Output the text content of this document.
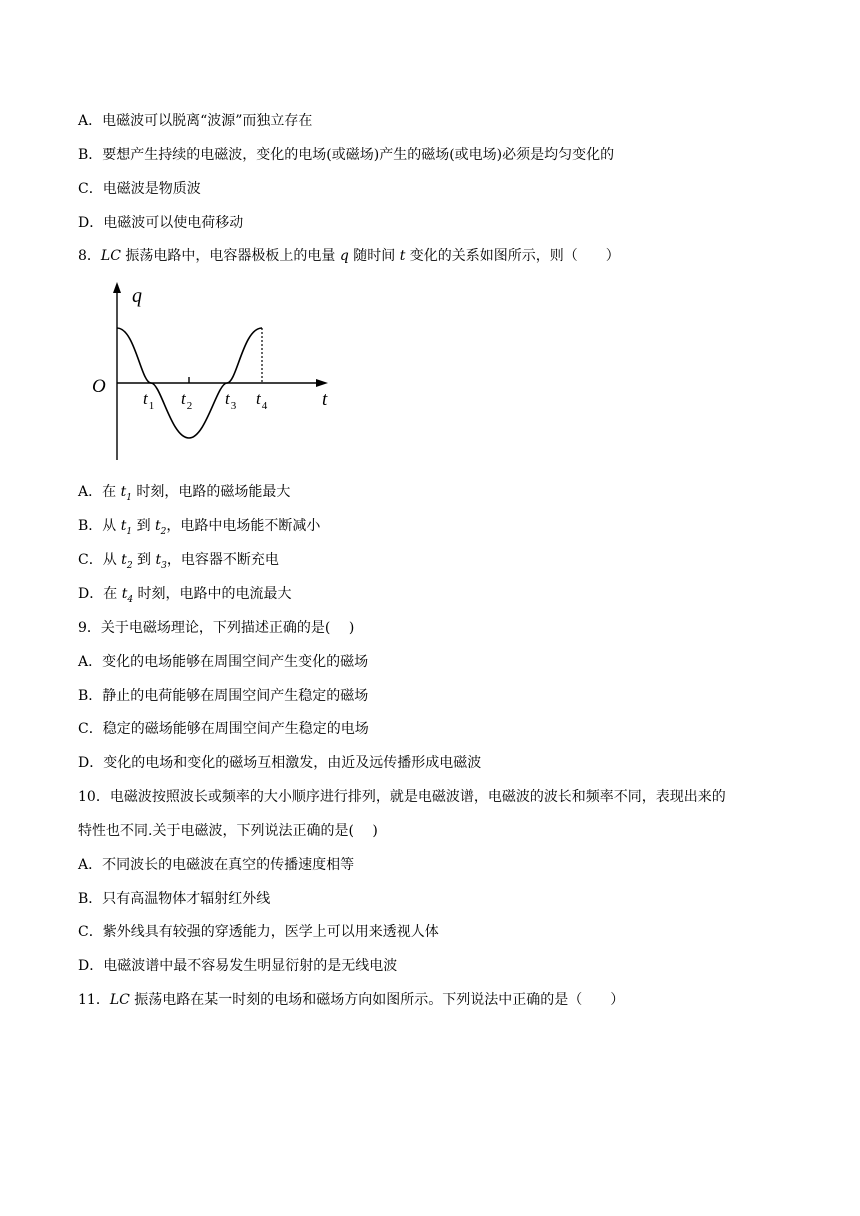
A．电磁波可以脱离“波源”而独立存在
B．要想产生持续的电磁波，变化的电场(或磁场)产生的磁场(或电场)必须是均匀变化的
C．电磁波是物质波
D．电磁波可以使电荷移动
8．LC 振荡电路中，电容器极板上的电量 q 随时间 t 变化的关系如图所示，则（　　）
q
t
O
$t_1$ $t_2$ $t_3$ $t_4$
A．在 $t_1$ 时刻，电路的磁场能最大
B．从 $t_1$ 到 $t_2$，电路中电场能不断减小
C．从 $t_2$ 到 $t_3$，电容器不断充电
D．在 $t_4$ 时刻，电路中的电流最大
9．关于电磁场理论，下列描述正确的是(　 )
A．变化的电场能够在周围空间产生变化的磁场
B．静止的电荷能够在周围空间产生稳定的磁场
C．稳定的磁场能够在周围空间产生稳定的电场
D．变化的电场和变化的磁场互相激发，由近及远传播形成电磁波
10．电磁波按照波长或频率的大小顺序进行排列，就是电磁波谱，电磁波的波长和频率不同，表现出来的
特性也不同.关于电磁波，下列说法正确的是(　 )
A．不同波长的电磁波在真空的传播速度相等
B．只有高温物体才辐射红外线
C．紫外线具有较强的穿透能力，医学上可以用来透视人体
D．电磁波谱中最不容易发生明显衍射的是无线电波
11．LC 振荡电路在某一时刻的电场和磁场方向如图所示。下列说法中正确的是（　　）
